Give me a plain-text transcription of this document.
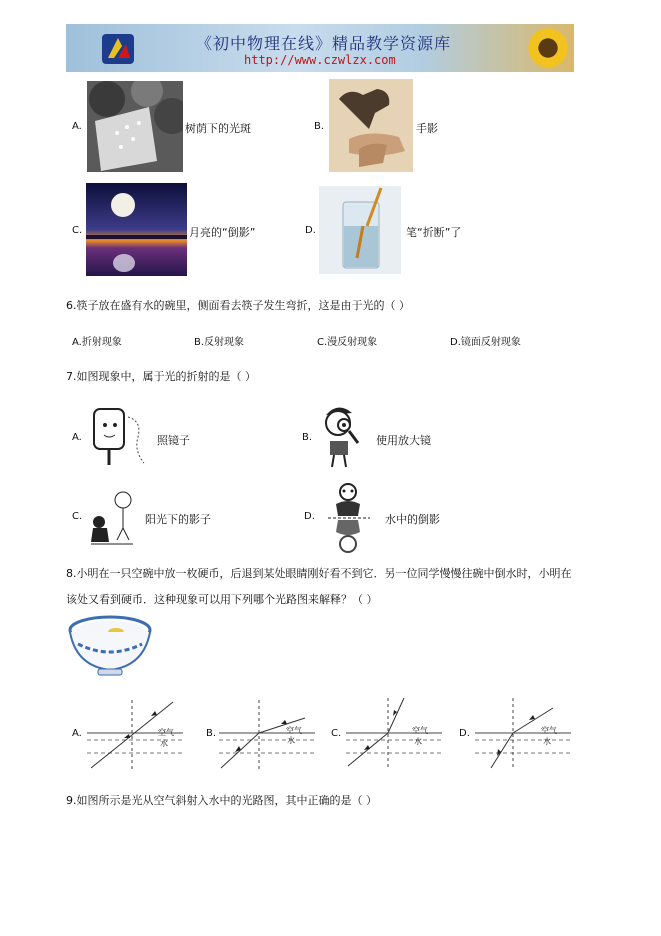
《初中物理在线》精品教学资源库
http://www.czwlzx.com
A.	树荫下的光斑	B.	手影
C.	月亮的“倒影”	D.	笔“折断”了
6.筷子放在盛有水的碗里，侧面看去筷子发生弯折，这是由于光的（ ）
A.折射现象	B.反射现象	C.漫反射现象	D.镜面反射现象
7.如图现象中，属于光的折射的是（ ）
A.	照镜子	B.	使用放大镜
C.	阳光下的影子	D.	水中的倒影
8.小明在一只空碗中放一枚硬币，后退到某处眼睛刚好看不到它．另一位同学慢慢往碗中倒水时，小明在
该处又看到硬币．这种现象可以用下列哪个光路图来解释？（ ）
A.	空气
水
B.	空气
水
C.	空气
水
D.	空气
水
9.如图所示是光从空气斜射入水中的光路图，其中正确的是（ ）
